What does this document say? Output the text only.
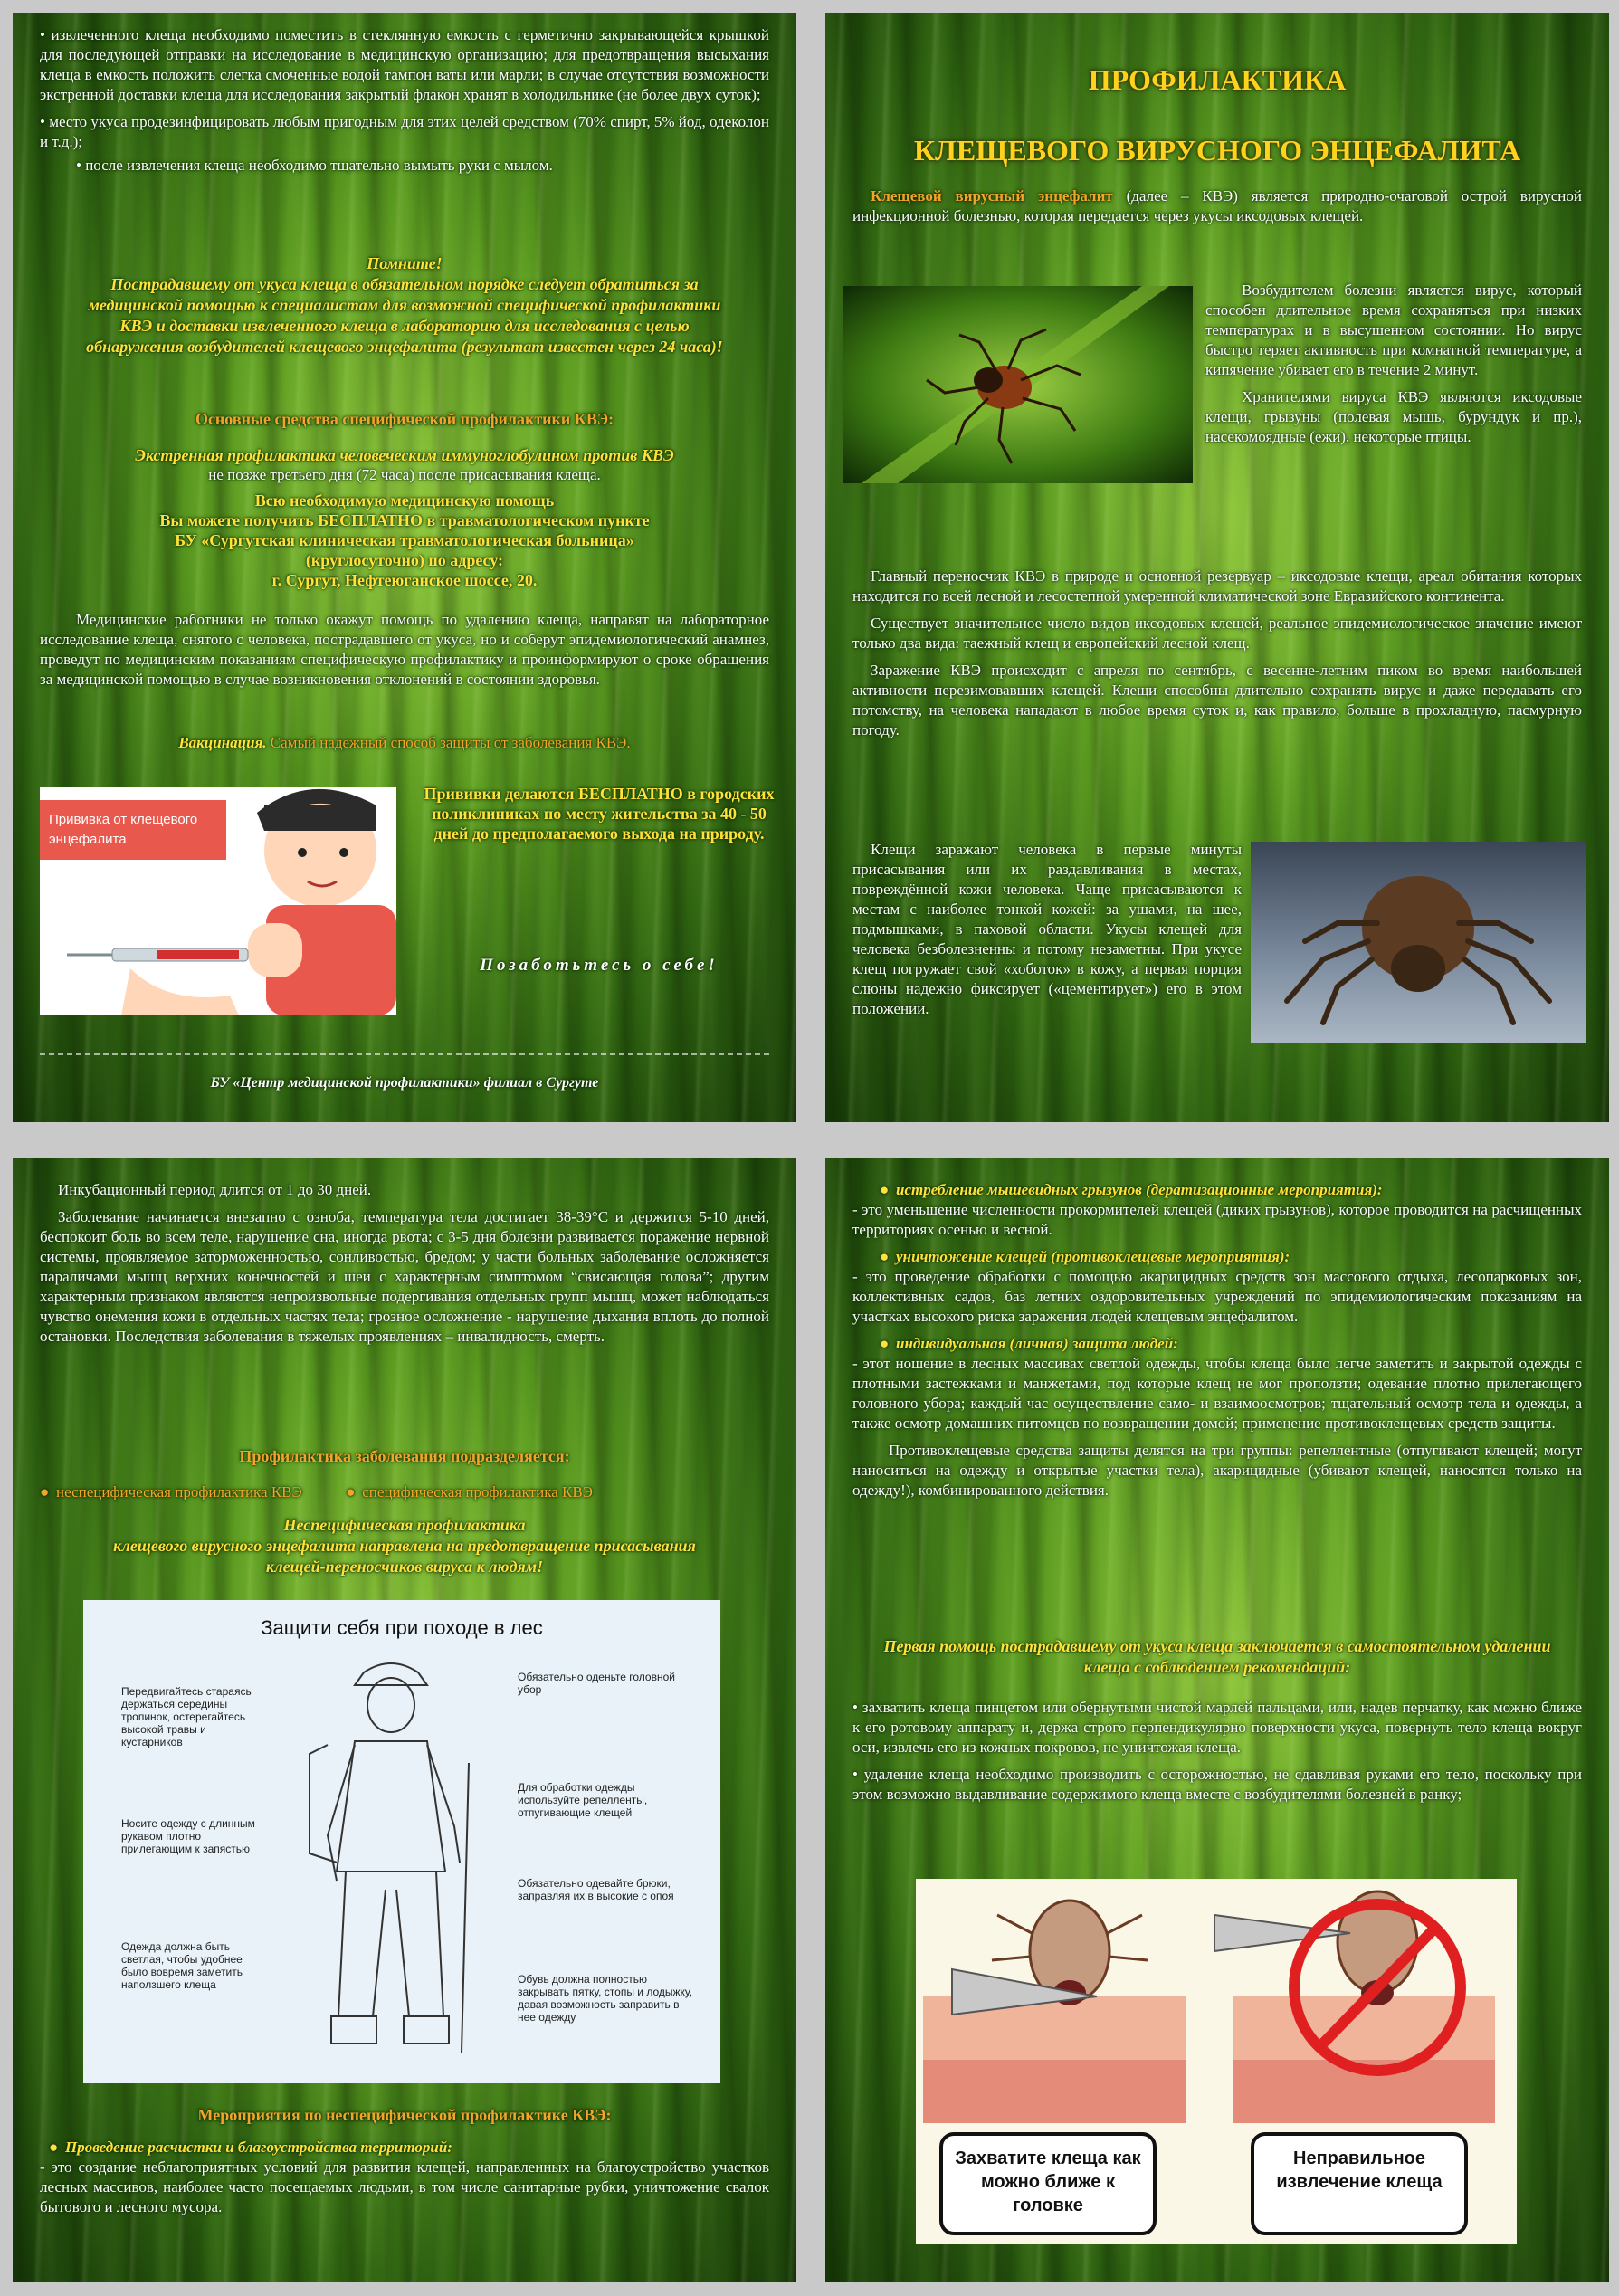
• извлеченного клеща необходимо поместить в стеклянную емкость с герметично закрывающейся крышкой для последующей отправки на исследование в медицинскую организацию; для предотвращения высыхания клеща в емкость положить слегка смоченные водой тампон ваты или марли; в случае отсутствия возможности экстренной доставки клеща для исследования закрытый флакон хранят в холодильнике (не более двух суток);

• место укуса продезинфицировать любым пригодным для этих целей средством (70% спирт, 5% йод, одеколон и т.д.);

• после извлечения клеща необходимо тщательно вымыть руки с мылом.

Помните!
Пострадавшему от укуса клеща в обязательном порядке следует обратиться за медицинской помощью к специалистам для возможной специфической профилактики КВЭ и доставки извлеченного клеща в лабораторию для исследования с целью обнаружения возбудителей клещевого энцефалита (результат известен через 24 часа)!
Основные средства специфической профилактики КВЭ:
Экстренная профилактика человеческим иммуноглобулином против КВЭ
не позже третьего дня (72 часа) после присасывания клеща.
Всю необходимую медицинскую помощь
Вы можете получить БЕСПЛАТНО в травматологическом пункте
БУ «Сургутская клиническая травматологическая больница»
(круглосуточно) по адресу:
г. Сургут, Нефтеюганское шоссе, 20.

Медицинские работники не только окажут помощь по удалению клеща, направят на лабораторное исследование клеща, снятого с человека, пострадавшего от укуса, но и соберут эпидемиологический анамнез, проведут по медицинским показаниям специфическую профилактику и проинформируют о сроке обращения за медицинской помощью в случае возникновения отклонений в состоянии здоровья.

Вакцинация. Самый надежный способ защиты от заболевания КВЭ.
Прививка от клещевого
энцефалита
Прививки делаются БЕСПЛАТНО в городских поликлиниках по месту жительства за 40 - 50 дней до предполагаемого выхода на природу.
Позаботьтесь о себе!
БУ «Центр медицинской профилактики» филиал в Сургуте
ПРОФИЛАКТИКА
КЛЕЩЕВОГО ВИРУСНОГО ЭНЦЕФАЛИТА
Клещевой вирусный энцефалит (далее – КВЭ) является природно-очаговой острой вирусной инфекционной болезнью, которая передается через укусы иксодовых клещей.

Возбудителем болезни является вирус, который способен длительное время сохраняться при низких температурах и в высушенном состоянии. Но вирус быстро теряет активность при комнатной температуре, а кипячение убивает его в течение 2 минут.

Хранителями вируса КВЭ являются иксодовые клещи, грызуны (полевая мышь, бурундук и пр.), насекомоядные (ежи), некоторые птицы.

Главный переносчик КВЭ в природе и основной резервуар – иксодовые клещи, ареал обитания которых находится по всей лесной и лесостепной умеренной климатической зоне Евразийского континента.

Существует значительное число видов иксодовых клещей, реальное эпидемиологическое значение имеют только два вида: таежный клещ и европейский лесной клещ.

Заражение КВЭ происходит с апреля по сентябрь, с весенне-летним пиком во время наибольшей активности перезимовавших клещей. Клещи способны длительно сохранять вирус и даже передавать его потомству, на человека нападают в любое время суток и, как правило, больше в прохладную, пасмурную погоду.

Клещи заражают человека в первые минуты присасывания или их раздавливания в местах, повреждённой кожи человека. Чаще присасываются к местам с наиболее тонкой кожей: за ушами, на шее, подмышками, в паховой области. Укусы клещей для человека безболезненны и потому незаметны. При укусе клещ погружает свой «хоботок» в кожу, а первая порция слюны надежно фиксирует («цементирует») его в этом положении.

Инкубационный период длится от 1 до 30 дней.

Заболевание начинается внезапно с озноба, температура тела достигает 38-39°С и держится 5-10 дней, беспокоит боль во всем теле, нарушение сна, иногда рвота; с 3-5 дня болезни развивается поражение нервной системы, проявляемое заторможенностью, сонливостью, бредом; у части больных заболевание осложняется параличами мышц верхних конечностей и шеи с характерным симптомом “свисающая голова”; другим характерным признаком являются непроизвольные подергивания отдельных групп мышц, может наблюдаться чувство онемения кожи в отдельных частях тела; грозное осложнение - нарушение дыхания вплоть до полной остановки. Последствия заболевания в тяжелых проявлениях – инвалидность, смерть.

Профилактика заболевания подразделяется:
● неспецифическая профилактика КВЭ	● специфическая профилактика КВЭ
Неспецифическая профилактика
клещевого вирусного энцефалита направлена на предотвращение присасывания клещей-переносчиков вируса к людям!
Защити себя при походе в лес
Передвигайтесь стараясь держаться середины тропинок, остерегайтесь высокой травы и кустарников
Носите одежду с длинным рукавом плотно прилегающим к запястью
Одежда должна быть светлая, чтобы удобнее было вовремя заметить наползшего клеща
Обязательно оденьте головной убор
Для обработки одежды используйте репелленты, отпугивающие клещей
Обязательно одевайте брюки, заправляя их в высокие с опоя
Обувь должна полностью закрывать пятку, стопы и лодыжку, давая возможность заправить в нее одежду
Мероприятия по неспецифической профилактике КВЭ:
● Проведение расчистки и благоустройства территорий:

- это создание неблагоприятных условий для развития клещей, направленных на благоустройство участков лесных массивов, наиболее часто посещаемых людьми, в том числе санитарные рубки, уничтожение свалок бытового и лесного мусора.

● истребление мышевидных грызунов (дератизационные мероприятия):

- это уменьшение численности прокормителей клещей (диких грызунов), которое проводится на расчищенных территориях осенью и весной.

● уничтожение клещей (противоклещевые мероприятия):

- это проведение обработки с помощью акарицидных средств зон массового отдыха, лесопарковых зон, коллективных садов, баз летних оздоровительных учреждений по эпидемиологическим показаниям на участках высокого риска заражения людей клещевым энцефалитом.

● индивидуальная (личная) защита людей:

- этот ношение в лесных массивах светлой одежды, чтобы клеща было легче заметить и закрытой одежды с плотными застежками и манжетами, под которые клещ не мог проползти; одевание плотно прилегающего головного убора; каждый час осуществление само- и взаимоосмотров; тщательный осмотр тела и одежды, а также осмотр домашних питомцев по возвращении домой; применение противоклещевых средств защиты.

Противоклещевые средства защиты делятся на три группы: репеллентные (отпугивают клещей; могут наноситься на одежду и открытые участки тела), акарицидные (убивают клещей, наносятся только на одежду!), комбинированного действия.

Первая помощь пострадавшему от укуса клеща заключается в самостоятельном удалении клеща с соблюдением рекомендаций:

• захватить клеща пинцетом или обернутыми чистой марлей пальцами, или, надев перчатку, как можно ближе к его ротовому аппарату и, держа строго перпендикулярно поверхности укуса, повернуть тело клеща вокруг оси, извлечь его из кожных покровов, не уничтожая клеща.

• удаление клеща необходимо производить с осторожностью, не сдавливая руками его тело, поскольку при этом возможно выдавливание содержимого клеща вместе с возбудителями болезней в ранку;

Захватите клеща как можно ближе к головке
Неправильное извлечение клеща
